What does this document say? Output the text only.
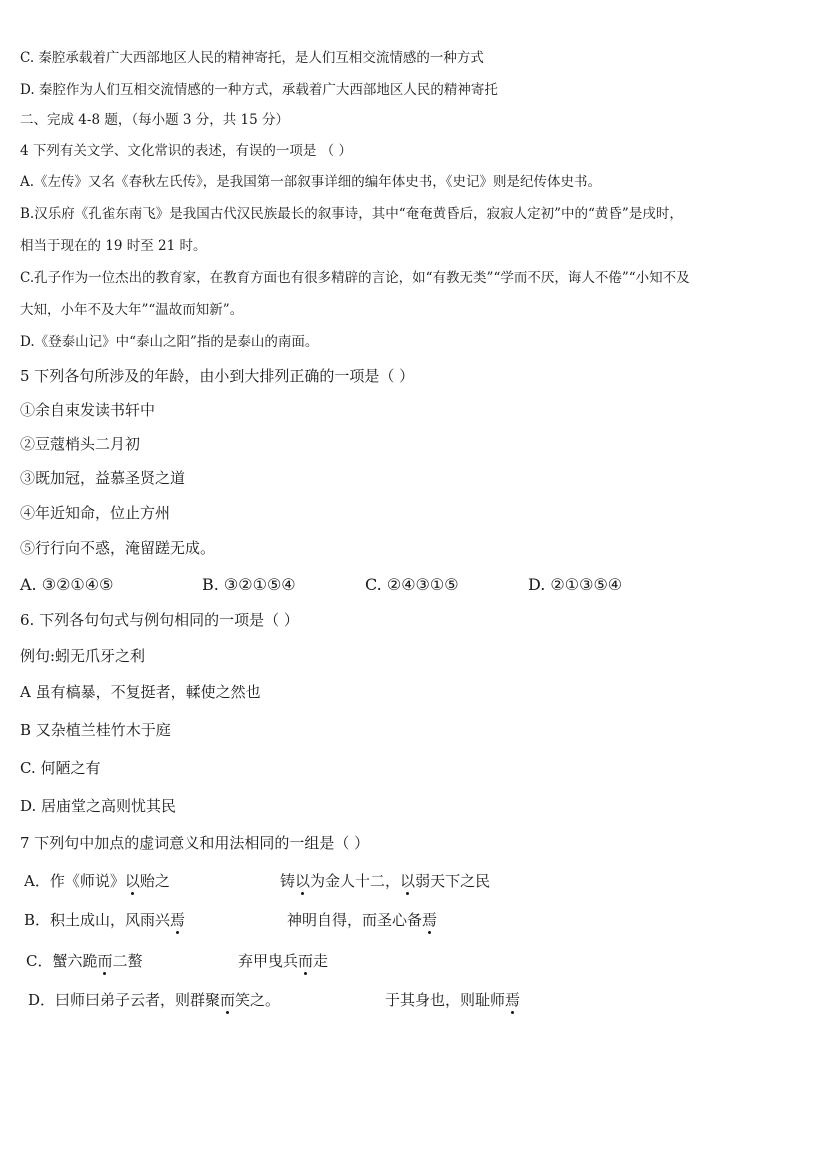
C. 秦腔承载着广大西部地区人民的精神寄托，是人们互相交流情感的一种方式
D. 秦腔作为人们互相交流情感的一种方式，承载着广大西部地区人民的精神寄托
二、完成 4-8 题，（每小题 3 分，共 15 分）
4 下列有关文学、文化常识的表述，有误的一项是 （ ）
A.《左传》又名《春秋左氏传》，是我国第一部叙事详细的编年体史书，《史记》则是纪传体史书。
B.汉乐府《孔雀东南飞》是我国古代汉民族最长的叙事诗，其中“奄奄黄昏后，寂寂人定初”中的“黄昏”是戌时，
相当于现在的 19 时至 21 时。
C.孔子作为一位杰出的教育家，在教育方面也有很多精辟的言论，如“有教无类”“学而不厌，诲人不倦”“小知不及
大知，小年不及大年”“温故而知新”。
D.《登泰山记》中“泰山之阳”指的是泰山的南面。
5 下列各句所涉及的年龄，由小到大排列正确的一项是（ ）
①余自束发读书轩中
②豆蔻梢头二月初
③既加冠，益慕圣贤之道
④年近知命，位止方州
⑤行行向不惑，淹留蹉无成。
A. ③②①④⑤	B. ③②①⑤④	C. ②④③①⑤	D. ②①③⑤④
6. 下列各句句式与例句相同的一项是（ ）
例句:蚓无爪牙之利
A 虽有槁暴，不复挺者，輮使之然也
B 又杂植兰桂竹木于庭
C. 何陋之有
D. 居庙堂之高则忧其民
7 下列句中加点的虚词意义和用法相同的一组是（ ）
A．作《师说》以贻之	铸以为金人十二，以弱天下之民
B．积土成山，风雨兴焉	神明自得，而圣心备焉
C．蟹六跪而二螯	弃甲曳兵而走
D．曰师曰弟子云者，则群聚而笑之。	于其身也，则耻师焉
